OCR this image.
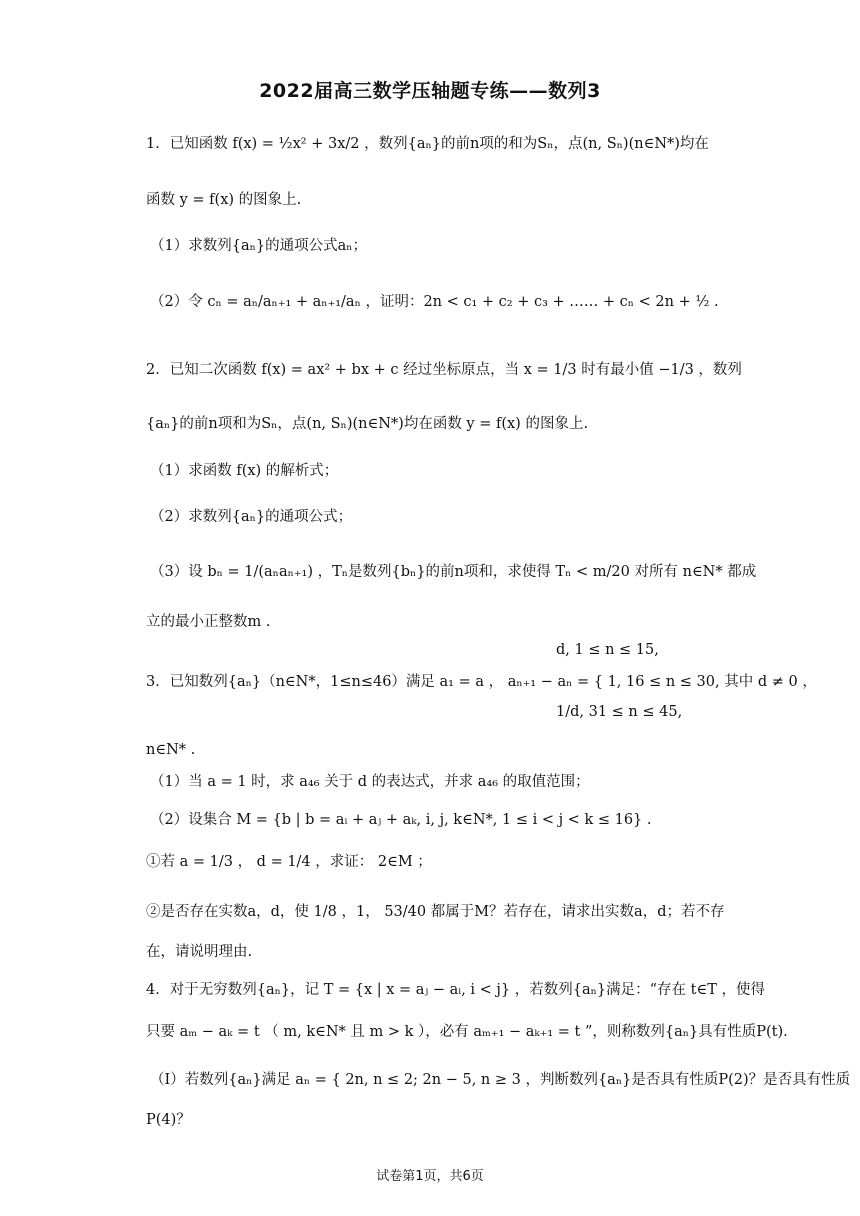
2022届高三数学压轴题专练——数列3
1．已知函数 f(x) = ½x² + 3x/2 ，数列{aₙ}的前n项的和为Sₙ，点(n, Sₙ)(n∈N*)均在
函数 y = f(x) 的图象上.
（1）求数列{aₙ}的通项公式aₙ；
（2）令 cₙ = aₙ/aₙ₊₁ + aₙ₊₁/aₙ ，证明：2n < c₁ + c₂ + c₃ + …… + cₙ < 2n + ½ .
2．已知二次函数 f(x) = ax² + bx + c 经过坐标原点，当 x = 1/3 时有最小值 −1/3 ，数列
{aₙ}的前n项和为Sₙ，点(n, Sₙ)(n∈N*)均在函数 y = f(x) 的图象上.
（1）求函数 f(x) 的解析式；
（2）求数列{aₙ}的通项公式；
（3）设 bₙ = 1/(aₙaₙ₊₁) ，Tₙ是数列{bₙ}的前n项和，求使得 Tₙ < m/20 对所有 n∈N* 都成
立的最小正整数m .
d, 1 ≤ n ≤ 15,
3．已知数列{aₙ}（n∈N*，1≤n≤46）满足 a₁ = a ， aₙ₊₁ − aₙ = { 1, 16 ≤ n ≤ 30, 其中 d ≠ 0 ，
1/d, 31 ≤ n ≤ 45,
n∈N* .
（1）当 a = 1 时，求 a₄₆ 关于 d 的表达式，并求 a₄₆ 的取值范围；
（2）设集合 M = {b | b = aᵢ + aⱼ + aₖ, i, j, k∈N*, 1 ≤ i < j < k ≤ 16} .
①若 a = 1/3 ， d = 1/4 ，求证： 2∈M ；
②是否存在实数a，d，使 1/8 ，1， 53/40 都属于M？若存在，请求出实数a，d；若不存
在，请说明理由.
4．对于无穷数列{aₙ}，记 T = {x | x = aⱼ − aᵢ, i < j} ，若数列{aₙ}满足：“存在 t∈T ，使得
只要 aₘ − aₖ = t （ m, k∈N* 且 m > k ），必有 aₘ₊₁ − aₖ₊₁ = t ”，则称数列{aₙ}具有性质P(t).
（Ⅰ）若数列{aₙ}满足 aₙ = { 2n, n ≤ 2; 2n − 5, n ≥ 3 ，判断数列{aₙ}是否具有性质P(2)？是否具有性质
P(4)？
试卷第1页，共6页
